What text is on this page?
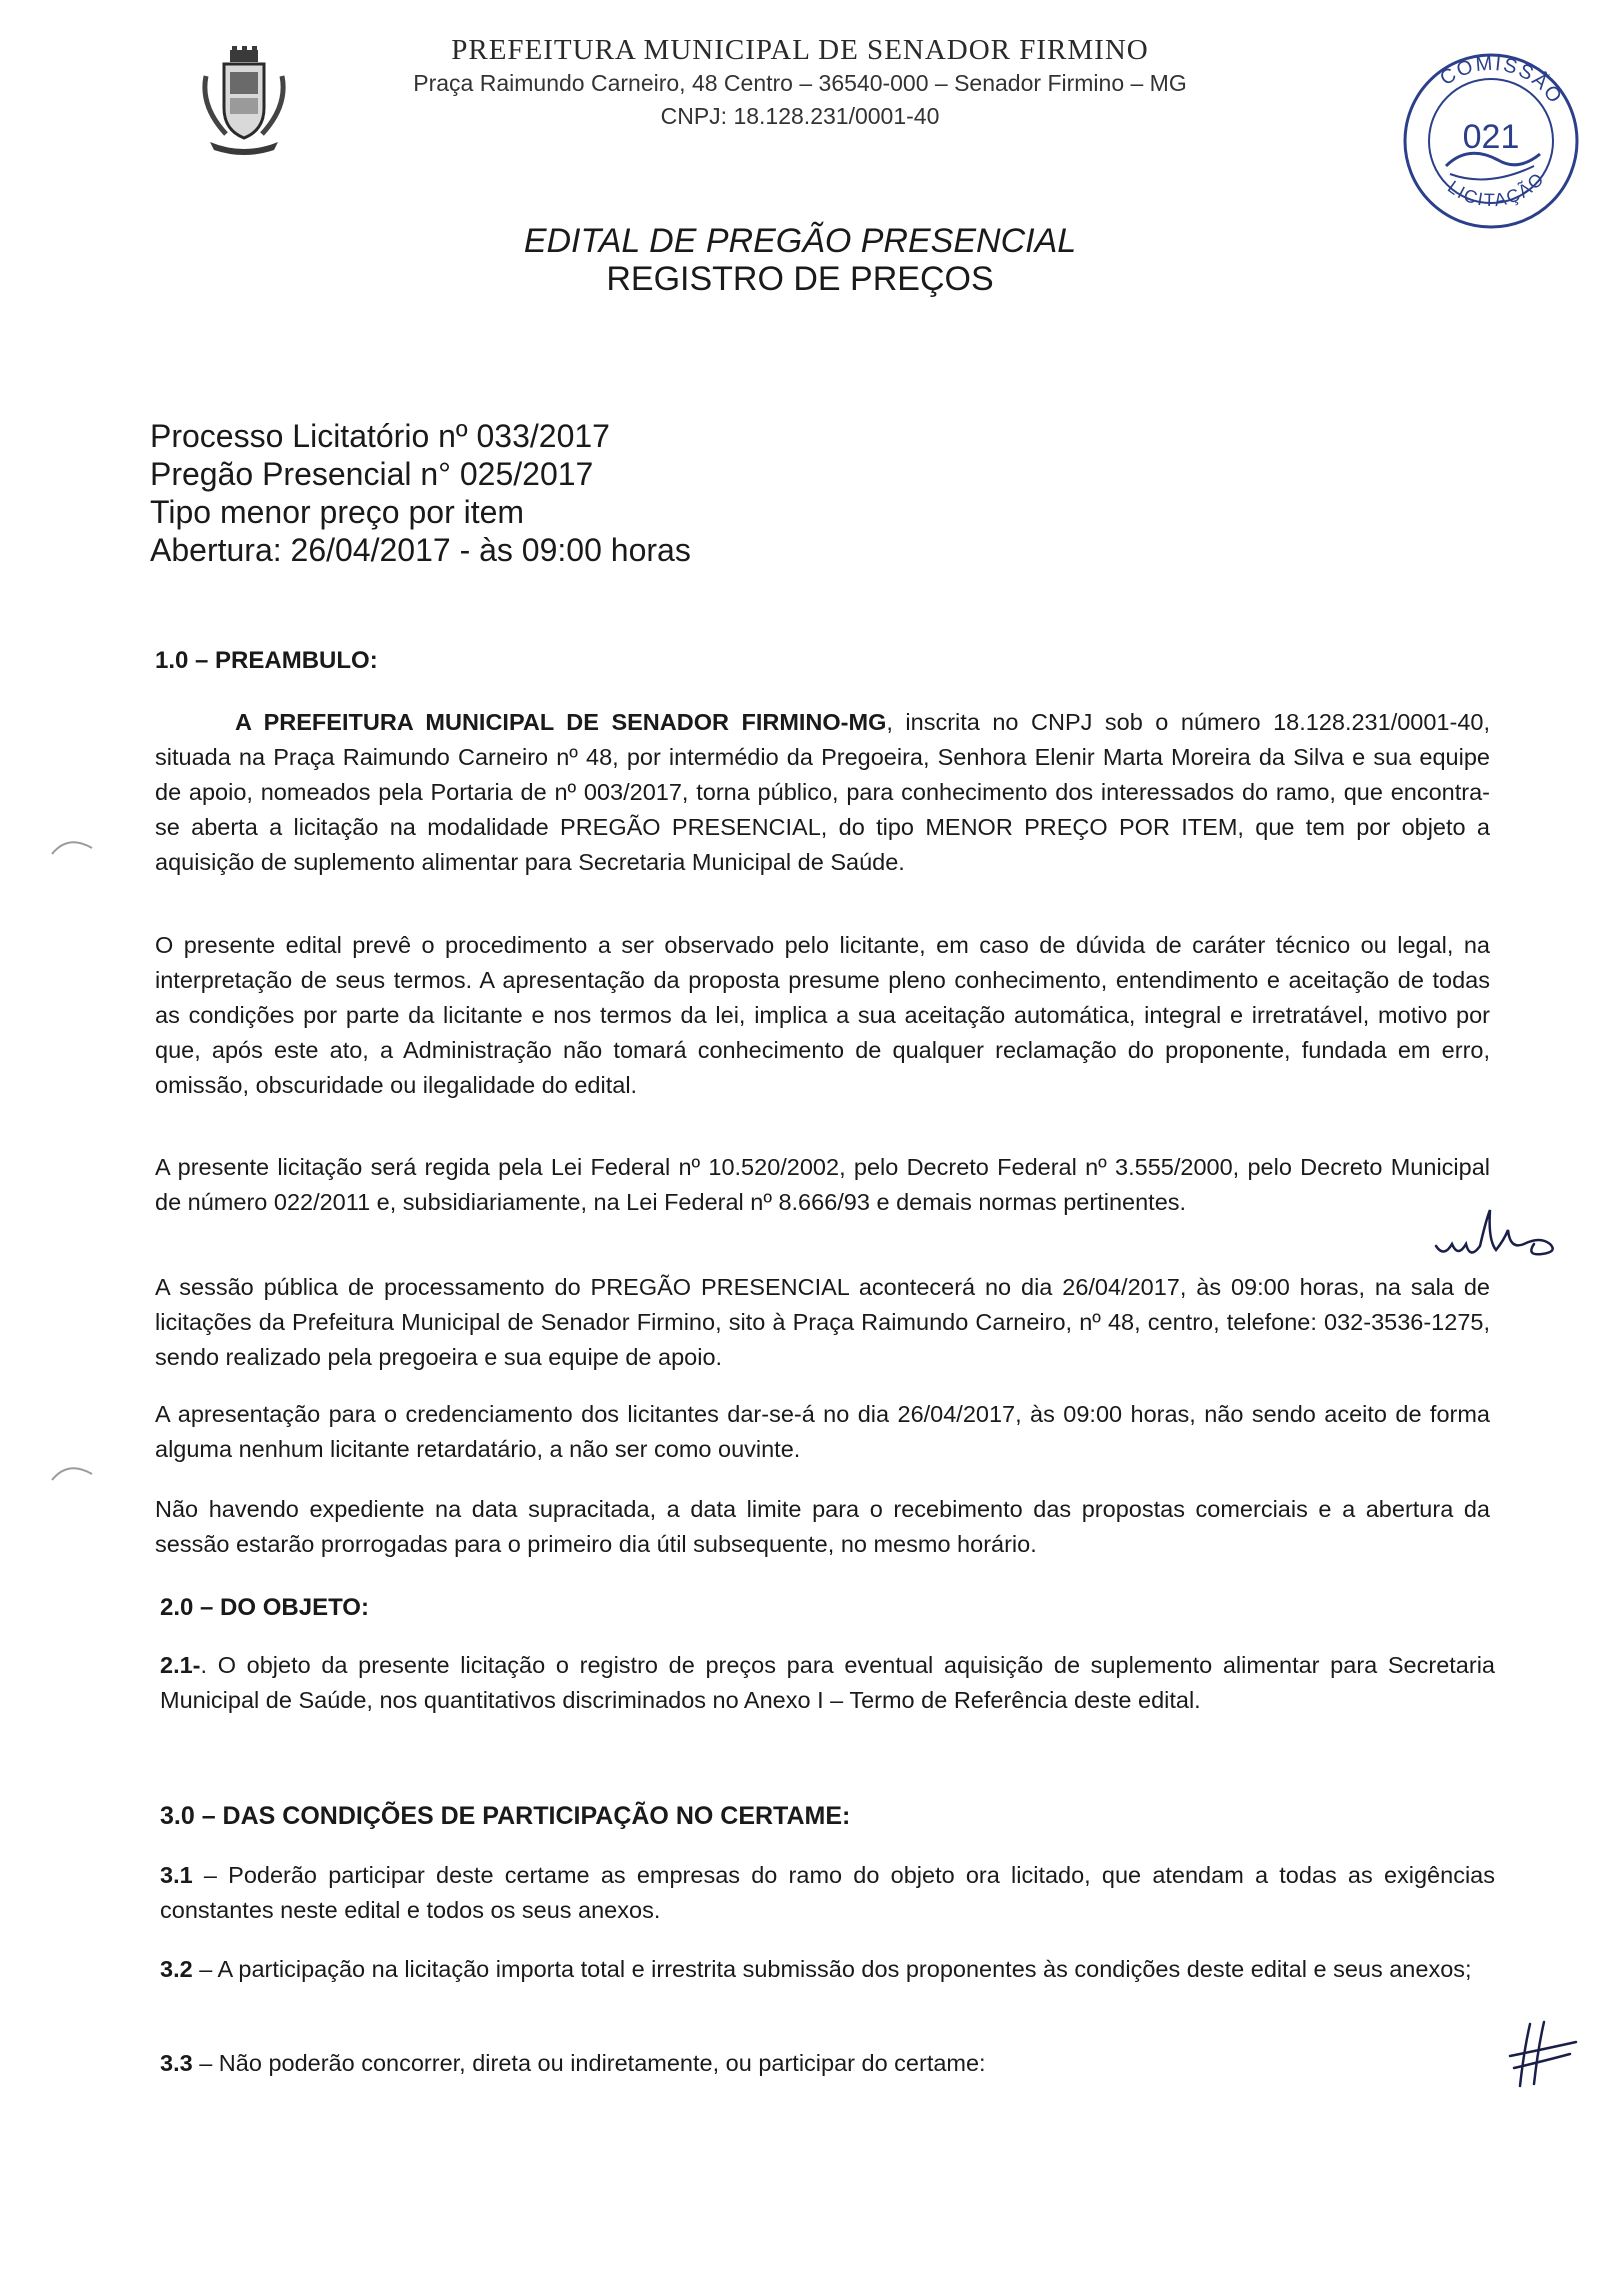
PREFEITURA MUNICIPAL DE SENADOR FIRMINO
Praça Raimundo Carneiro, 48 Centro – 36540-000 – Senador Firmino – MG
CNPJ: 18.128.231/0001-40
COMISSÃO
021
LICITAÇÃO
EDITAL DE PREGÃO PRESENCIAL
REGISTRO DE PREÇOS
Processo Licitatório nº 033/2017
Pregão Presencial n° 025/2017
Tipo menor preço por item
Abertura: 26/04/2017 - às 09:00 horas
1.0 – PREAMBULO:
A PREFEITURA MUNICIPAL DE SENADOR FIRMINO-MG, inscrita no CNPJ sob o número 18.128.231/0001-40, situada na Praça Raimundo Carneiro nº 48, por intermédio da Pregoeira, Senhora Elenir Marta Moreira da Silva e sua equipe de apoio, nomeados pela Portaria de nº 003/2017, torna público, para conhecimento dos interessados do ramo, que encontra-se aberta a licitação na modalidade PREGÃO PRESENCIAL, do tipo MENOR PREÇO POR ITEM, que tem por objeto a aquisição de suplemento alimentar para Secretaria Municipal de Saúde.
O presente edital prevê o procedimento a ser observado pelo licitante, em caso de dúvida de caráter técnico ou legal, na interpretação de seus termos. A apresentação da proposta presume pleno conhecimento, entendimento e aceitação de todas as condições por parte da licitante e nos termos da lei, implica a sua aceitação automática, integral e irretratável, motivo por que, após este ato, a Administração não tomará conhecimento de qualquer reclamação do proponente, fundada em erro, omissão, obscuridade ou ilegalidade do edital.
A presente licitação será regida pela Lei Federal nº 10.520/2002, pelo Decreto Federal nº 3.555/2000, pelo Decreto Municipal de número 022/2011 e, subsidiariamente, na Lei Federal nº 8.666/93 e demais normas pertinentes.
A sessão pública de processamento do PREGÃO PRESENCIAL acontecerá no dia 26/04/2017, às 09:00 horas, na sala de licitações da Prefeitura Municipal de Senador Firmino, sito à Praça Raimundo Carneiro, nº 48, centro, telefone: 032-3536-1275, sendo realizado pela pregoeira e sua equipe de apoio.
A apresentação para o credenciamento dos licitantes dar-se-á no dia 26/04/2017, às 09:00 horas, não sendo aceito de forma alguma nenhum licitante retardatário, a não ser como ouvinte.
Não havendo expediente na data supracitada, a data limite para o recebimento das propostas comerciais e a abertura da sessão estarão prorrogadas para o primeiro dia útil subsequente, no mesmo horário.
2.0 – DO OBJETO:
2.1-. O objeto da presente licitação o registro de preços para eventual aquisição de suplemento alimentar para Secretaria Municipal de Saúde, nos quantitativos discriminados no Anexo I – Termo de Referência deste edital.
3.0 – DAS CONDIÇÕES DE PARTICIPAÇÃO NO CERTAME:
3.1 – Poderão participar deste certame as empresas do ramo do objeto ora licitado, que atendam a todas as exigências constantes neste edital e todos os seus anexos.
3.2 – A participação na licitação importa total e irrestrita submissão dos proponentes às condições deste edital e seus anexos;
3.3 – Não poderão concorrer, direta ou indiretamente, ou participar do certame:
